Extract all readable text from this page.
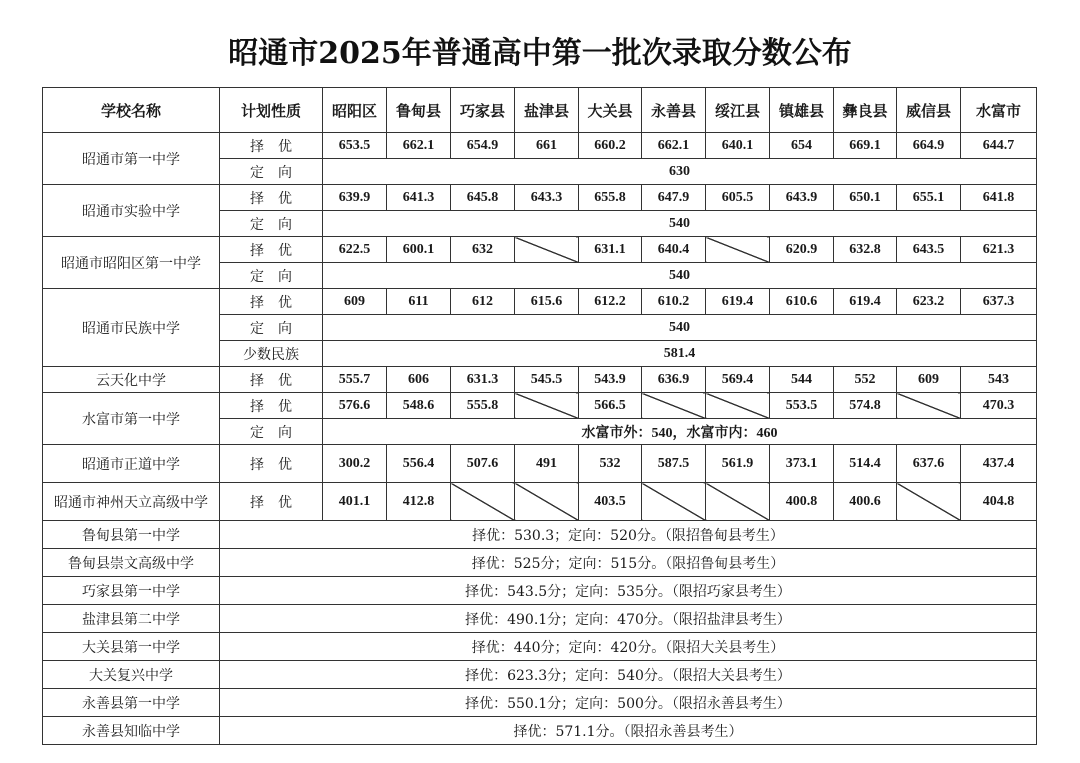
昭通市2025年普通高中第一批次录取分数公布
学校名称	计划性质	昭阳区	鲁甸县	巧家县	盐津县	大关县	永善县	绥江县	镇雄县	彝良县	威信县	水富市
昭通市第一中学	择　优	653.5	662.1	654.9	661	660.2	662.1	640.1	654	669.1	664.9	644.7
	定　向	630										
昭通市实验中学	择　优	639.9	641.3	645.8	643.3	655.8	647.9	605.5	643.9	650.1	655.1	641.8
	定　向	540										
昭通市昭阳区第一中学	择　优	622.5	600.1	632		631.1	640.4		620.9	632.8	643.5	621.3
	定　向	540										
昭通市民族中学	择　优	609	611	612	615.6	612.2	610.2	619.4	610.6	619.4	623.2	637.3
	定　向	540										
	少数民族	581.4										
云天化中学	择　优	555.7	606	631.3	545.5	543.9	636.9	569.4	544	552	609	543
水富市第一中学	择　优	576.6	548.6	555.8		566.5			553.5	574.8		470.3
	定　向	水富市外：540，水富市内：460										
昭通市正道中学	择　优	300.2	556.4	507.6	491	532	587.5	561.9	373.1	514.4	637.6	437.4
昭通市神州天立高级中学	择　优	401.1	412.8			403.5			400.8	400.6		404.8
鲁甸县第一中学	择优：530.3；定向：520分。（限招鲁甸县考生）											
鲁甸县崇文高级中学	择优：525分；定向：515分。（限招鲁甸县考生）											
巧家县第一中学	择优：543.5分；定向：535分。（限招巧家县考生）											
盐津县第二中学	择优：490.1分；定向：470分。（限招盐津县考生）											
大关县第一中学	择优：440分；定向：420分。（限招大关县考生）											
大关复兴中学	择优：623.3分；定向：540分。（限招大关县考生）											
永善县第一中学	择优：550.1分；定向：500分。（限招永善县考生）											
永善县知临中学	择优：571.1分。（限招永善县考生）											
